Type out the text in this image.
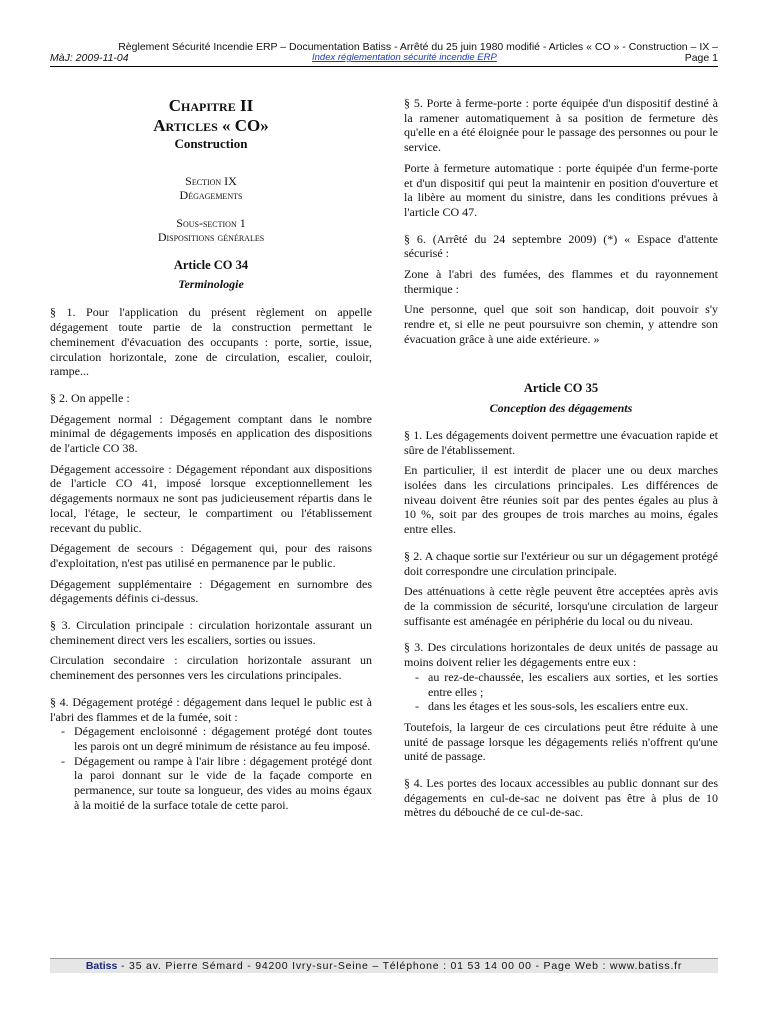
Règlement Sécurité Incendie ERP – Documentation Batiss - Arrêté du 25 juin 1980 modifié - Articles « CO » - Construction – IX –
MàJ: 2009-11-04	Index réglementation sécurité incendie ERP	Page 1
Chapitre II
Articles « CO»
Construction
Section IX
Dégagements
Sous-section 1
Dispositions générales
Article CO 34
Terminologie

§ 1. Pour l'application du présent règlement on appelle dégagement toute partie de la construction permettant le cheminement d'évacuation des occupants : porte, sortie, issue, circulation horizontale, zone de circulation, escalier, couloir, rampe...

§ 2. On appelle :

Dégagement normal : Dégagement comptant dans le nombre minimal de dégagements imposés en application des dispositions de l'article CO 38.

Dégagement accessoire : Dégagement répondant aux dispositions de l'article CO 41, imposé lorsque exceptionnellement les dégagements normaux ne sont pas judicieusement répartis dans le local, l'étage, le secteur, le compartiment ou l'établissement recevant du public.

Dégagement de secours : Dégagement qui, pour des raisons d'exploitation, n'est pas utilisé en permanence par le public.

Dégagement supplémentaire : Dégagement en surnombre des dégagements définis ci-dessus.

§ 3. Circulation principale : circulation horizontale assurant un cheminement direct vers les escaliers, sorties ou issues.

Circulation secondaire : circulation horizontale assurant un cheminement des personnes vers les circulations principales.

§ 4. Dégagement protégé : dégagement dans lequel le public est à l'abri des flammes et de la fumée, soit :

- Dégagement encloisonné : dégagement protégé dont toutes les parois ont un degré minimum de résistance au feu imposé.
- Dégagement ou rampe à l'air libre : dégagement protégé dont la paroi donnant sur le vide de la façade comporte en permanence, sur toute sa longueur, des vides au moins égaux à la moitié de la surface totale de cette paroi.

§ 5. Porte à ferme-porte : porte équipée d'un dispositif destiné à la ramener automatiquement à sa position de fermeture dès qu'elle en a été éloignée pour le passage des personnes ou pour le service.

Porte à fermeture automatique : porte équipée d'un ferme-porte et d'un dispositif qui peut la maintenir en position d'ouverture et la libère au moment du sinistre, dans les conditions prévues à l'article CO 47.

§ 6. (Arrêté du 24 septembre 2009) (*) « Espace d'attente sécurisé :

Zone à l'abri des fumées, des flammes et du rayonnement thermique :

Une personne, quel que soit son handicap, doit pouvoir s'y rendre et, si elle ne peut poursuivre son chemin, y attendre son évacuation grâce à une aide extérieure. »

Article CO 35
Conception des dégagements

§ 1. Les dégagements doivent permettre une évacuation rapide et sûre de l'établissement.

En particulier, il est interdit de placer une ou deux marches isolées dans les circulations principales. Les différences de niveau doivent être réunies soit par des pentes égales au plus à 10 %, soit par des groupes de trois marches au moins, égales entre elles.

§ 2. A chaque sortie sur l'extérieur ou sur un dégagement protégé doit correspondre une circulation principale.

Des atténuations à cette règle peuvent être acceptées après avis de la commission de sécurité, lorsqu'une circulation de largeur suffisante est aménagée en périphérie du local ou du niveau.

§ 3. Des circulations horizontales de deux unités de passage au moins doivent relier les dégagements entre eux :

- au rez-de-chaussée, les escaliers aux sorties, et les sorties entre elles ;
- dans les étages et les sous-sols, les escaliers entre eux.

Toutefois, la largeur de ces circulations peut être réduite à une unité de passage lorsque les dégagements reliés n'offrent qu'une unité de passage.

§ 4. Les portes des locaux accessibles au public donnant sur des dégagements en cul-de-sac ne doivent pas être à plus de 10 mètres du débouché de ce cul-de-sac.

Batiss - 35 av. Pierre Sémard - 94200 Ivry-sur-Seine – Téléphone : 01 53 14 00 00 - Page Web : www.batiss.fr
